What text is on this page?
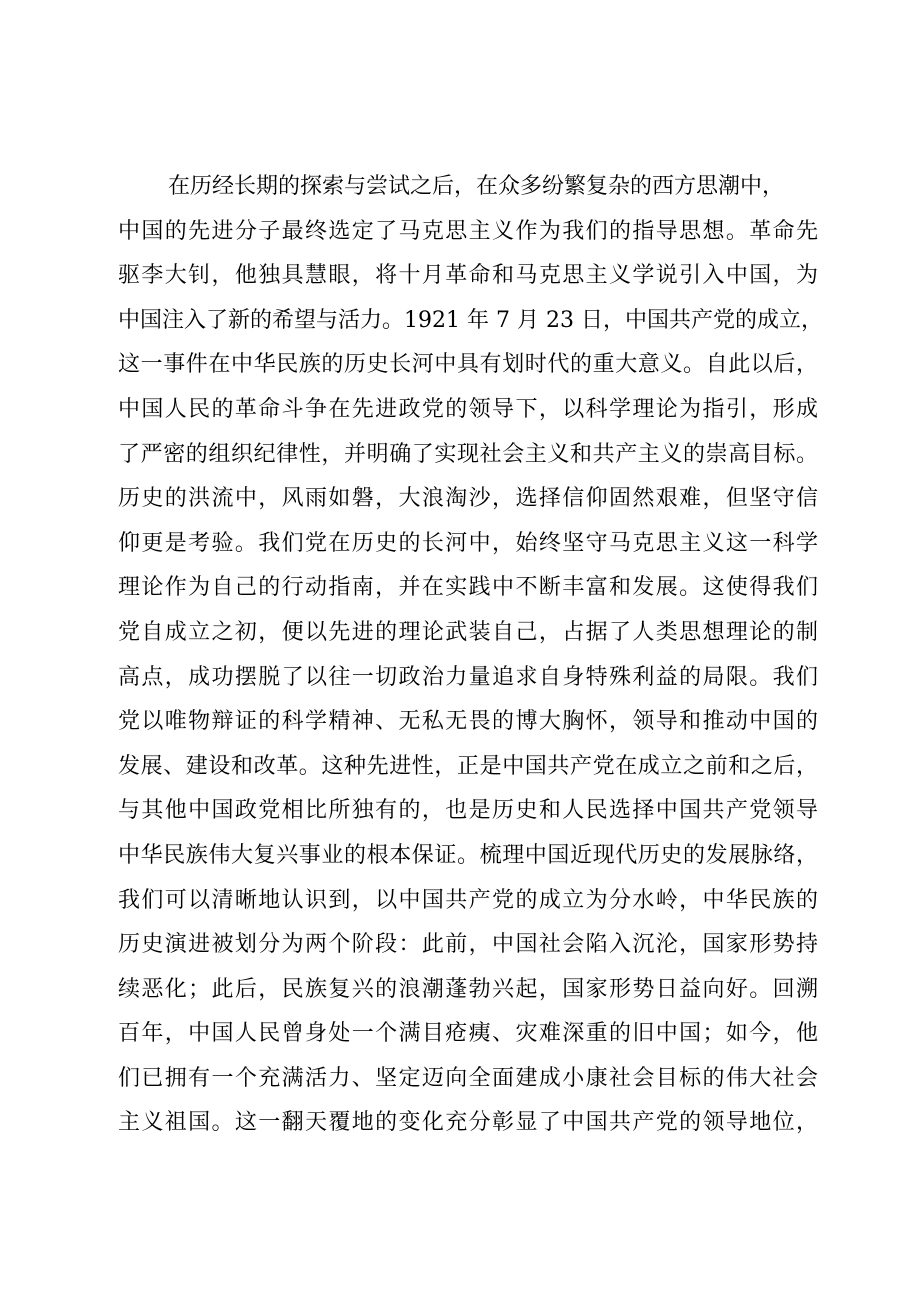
在历经长期的探索与尝试之后，在众多纷繁复杂的西方思潮中，
中国的先进分子最终选定了马克思主义作为我们的指导思想。革命先
驱李大钊，他独具慧眼，将十月革命和马克思主义学说引入中国，为
中国注入了新的希望与活力。1921 年 7 月 23 日，中国共产党的成立，
这一事件在中华民族的历史长河中具有划时代的重大意义。自此以后，
中国人民的革命斗争在先进政党的领导下，以科学理论为指引，形成
了严密的组织纪律性，并明确了实现社会主义和共产主义的崇高目标。
历史的洪流中，风雨如磐，大浪淘沙，选择信仰固然艰难，但坚守信
仰更是考验。我们党在历史的长河中，始终坚守马克思主义这一科学
理论作为自己的行动指南，并在实践中不断丰富和发展。这使得我们
党自成立之初，便以先进的理论武装自己，占据了人类思想理论的制
高点，成功摆脱了以往一切政治力量追求自身特殊利益的局限。我们
党以唯物辩证的科学精神、无私无畏的博大胸怀，领导和推动中国的
发展、建设和改革。这种先进性，正是中国共产党在成立之前和之后，
与其他中国政党相比所独有的，也是历史和人民选择中国共产党领导
中华民族伟大复兴事业的根本保证。梳理中国近现代历史的发展脉络，
我们可以清晰地认识到，以中国共产党的成立为分水岭，中华民族的
历史演进被划分为两个阶段：此前，中国社会陷入沉沦，国家形势持
续恶化；此后，民族复兴的浪潮蓬勃兴起，国家形势日益向好。回溯
百年，中国人民曾身处一个满目疮痍、灾难深重的旧中国；如今，他
们已拥有一个充满活力、坚定迈向全面建成小康社会目标的伟大社会
主义祖国。这一翻天覆地的变化充分彰显了中国共产党的领导地位，
